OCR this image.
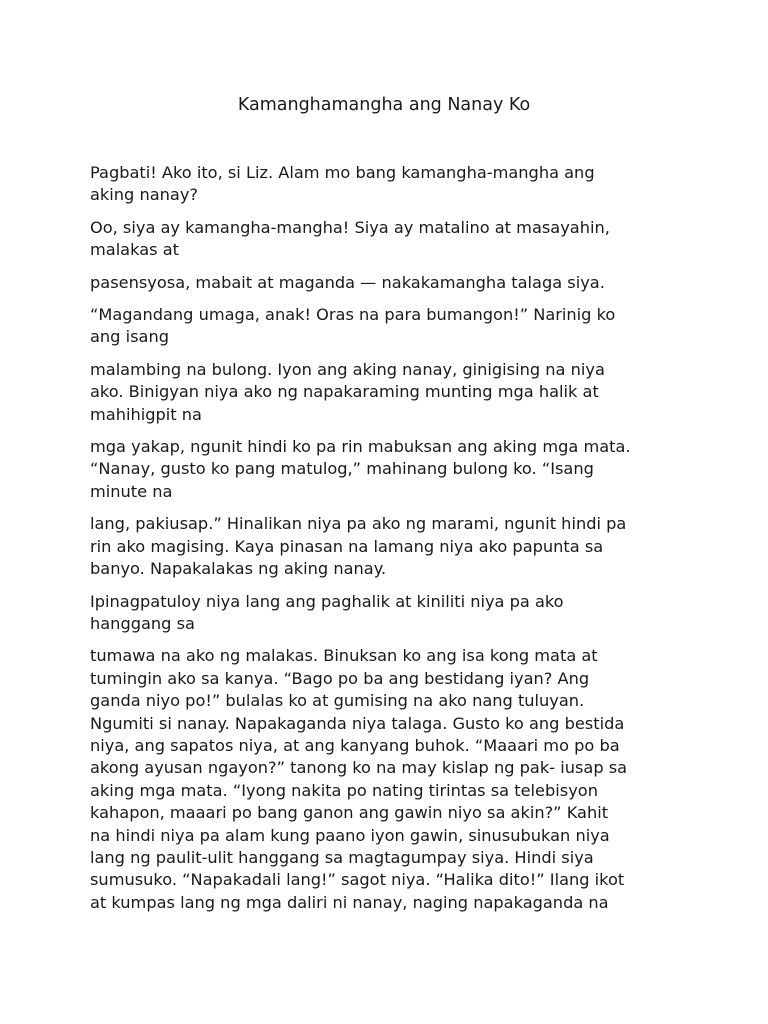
Kamanghamangha ang Nanay Ko

Pagbati! Ako ito, si Liz. Alam mo bang kamangha-mangha ang
aking nanay?

Oo, siya ay kamangha-mangha! Siya ay matalino at masayahin,
malakas at

pasensyosa, mabait at maganda — nakakamangha talaga siya.

“Magandang umaga, anak! Oras na para bumangon!” Narinig ko
ang isang

malambing na bulong. Iyon ang aking nanay, ginigising na niya
ako. Binigyan niya ako ng napakaraming munting mga halik at
mahihigpit na

mga yakap, ngunit hindi ko pa rin mabuksan ang aking mga mata.
“Nanay, gusto ko pang matulog,” mahinang bulong ko. “Isang
minute na

lang, pakiusap.” Hinalikan niya pa ako ng marami, ngunit hindi pa
rin ako magising. Kaya pinasan na lamang niya ako papunta sa
banyo. Napakalakas ng aking nanay.

Ipinagpatuloy niya lang ang paghalik at kiniliti niya pa ako
hanggang sa

tumawa na ako ng malakas. Binuksan ko ang isa kong mata at
tumingin ako sa kanya. “Bago po ba ang bestidang iyan? Ang
ganda niyo po!” bulalas ko at gumising na ako nang tuluyan.
Ngumiti si nanay. Napakaganda niya talaga. Gusto ko ang bestida
niya, ang sapatos niya, at ang kanyang buhok. “Maaari mo po ba
akong ayusan ngayon?” tanong ko na may kislap ng pak- iusap sa
aking mga mata. “Iyong nakita po nating tirintas sa telebisyon
kahapon, maaari po bang ganon ang gawin niyo sa akin?” Kahit
na hindi niya pa alam kung paano iyon gawin, sinusubukan niya
lang ng paulit-ulit hanggang sa magtagumpay siya. Hindi siya
sumusuko. “Napakadali lang!” sagot niya. “Halika dito!” Ilang ikot
at kumpas lang ng mga daliri ni nanay, naging napakaganda na
